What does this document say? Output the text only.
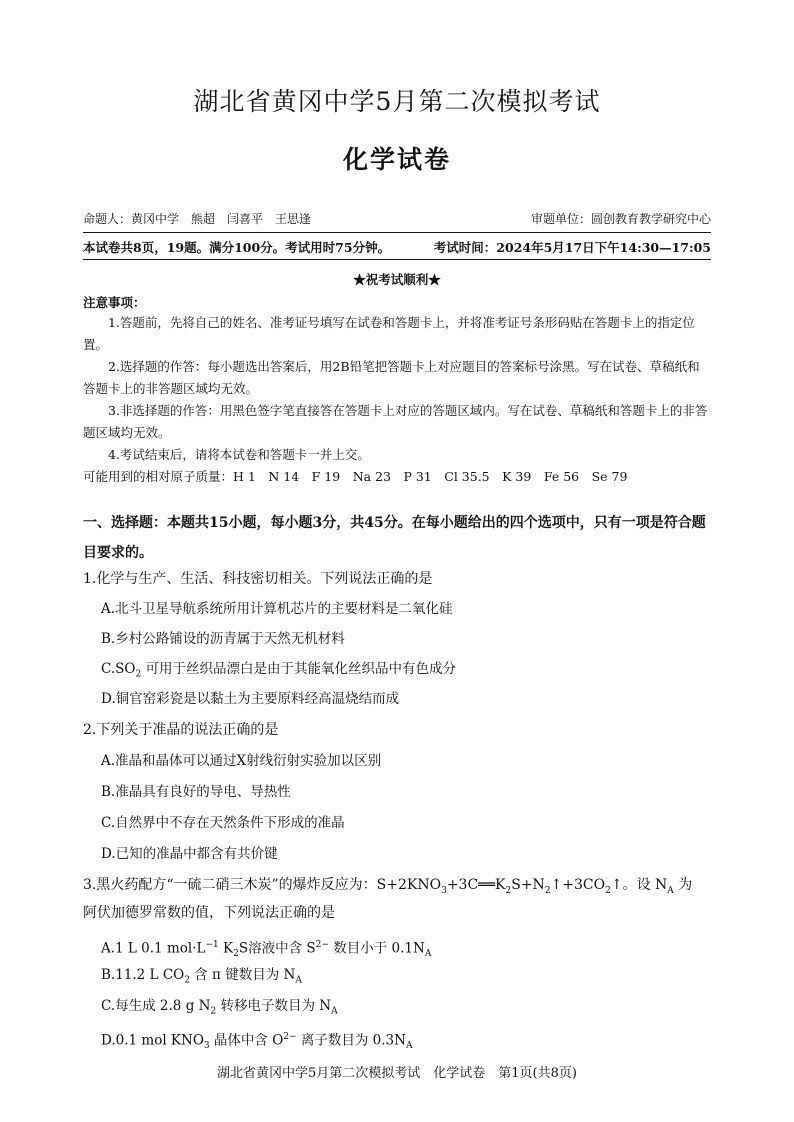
湖北省黄冈中学5月第二次模拟考试
化学试卷
命题人：黄冈中学　熊超　闫喜平　王思逢	审题单位：圆创教育教学研究中心
本试卷共8页，19题。满分100分。考试用时75分钟。	考试时间：2024年5月17日下午14:30—17:05
★祝考试顺利★
注意事项：
1.答题前，先将自己的姓名、准考证号填写在试卷和答题卡上，并将准考证号条形码贴在答题卡上的指定位置。
2.选择题的作答：每小题选出答案后，用2B铅笔把答题卡上对应题目的答案标号涂黑。写在试卷、草稿纸和答题卡上的非答题区域均无效。
3.非选择题的作答：用黑色签字笔直接答在答题卡上对应的答题区域内。写在试卷、草稿纸和答题卡上的非答题区域均无效。
4.考试结束后，请将本试卷和答题卡一并上交。
可能用到的相对原子质量：H 1　N 14　F 19　Na 23　P 31　Cl 35.5　K 39　Fe 56　Se 79
一、选择题：本题共15小题，每小题3分，共45分。在每小题给出的四个选项中，只有一项是符合题目要求的。
1.化学与生产、生活、科技密切相关。下列说法正确的是
A.北斗卫星导航系统所用计算机芯片的主要材料是二氧化硅
B.乡村公路铺设的沥青属于天然无机材料
$C.SO_2$ 可用于丝织品漂白是由于其能氧化丝织品中有色成分
D.铜官窑彩瓷是以黏土为主要原料经高温烧结而成
2.下列关于准晶的说法正确的是
A.准晶和晶体可以通过X射线衍射实验加以区别
B.准晶具有良好的导电、导热性
C.自然界中不存在天然条件下形成的准晶
D.已知的准晶中都含有共价键
3.黑火药配方“一硫二硝三木炭”的爆炸反应为：$S+2KNO_3+3C══K_2S+N_2↑+3CO_2↑$。设 $N_A$ 为
阿伏加德罗常数的值，下列说法正确的是
A.1 L 0.1 $mol\cdot L^{-1}$ $K_2S$溶液中含 $S^{2-}$ 数目小于 $0.1N_A$
B.11.2 L $CO_2$ 含 π 键数目为 $N_A$
C.每生成 2.8 g $N_2$ 转移电子数目为 $N_A$
D.0.1 mol $KNO_3$ 晶体中含 $O^{2-}$ 离子数目为 $0.3N_A$
湖北省黄冈中学5月第二次模拟考试　化学试卷　第1页(共8页)
